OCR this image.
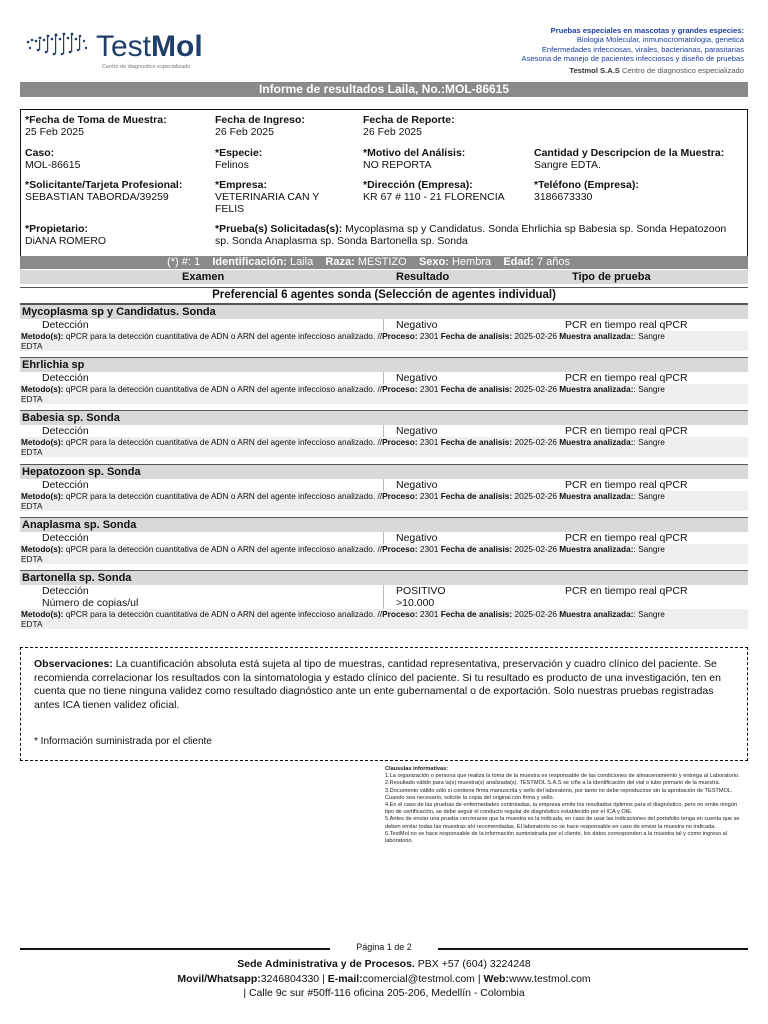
TestMol
Centro de diagnostico especializado
Pruebas especiales en mascotas y grandes especies:
Biologia Molecular, inmunocromatologia, genetica
Enfermedades infecciosas, virales, bacterianas, parasitarias
Asesoria de manejo de pacientes infecciosos y diseño de pruebas
Testmol S.A.S Centro de diagnostico especializado
Informe de resultados Laila, No.:MOL-86615
*Fecha de Toma de Muestra:
25 Feb 2025
Fecha de Ingreso:
26 Feb 2025
Fecha de Reporte:
26 Feb 2025
Caso:
MOL-86615
*Especie:
Felinos
*Motivo del Análisis:
NO REPORTA
Cantidad y Descripcion de la Muestra:
Sangre EDTA.
*Solicitante/Tarjeta Profesional:
SEBASTIAN TABORDA/39259
*Empresa:
VETERINARIA CAN Y
FELIS
*Dirección (Empresa):
KR 67 # 110 - 21 FLORENCIA
*Teléfono (Empresa):
3186673330
*Propietario:
DiANA ROMERO
*Prueba(s) Solicitadas(s): Mycoplasma sp y Candidatus. Sonda Ehrlichia sp Babesia sp. Sonda Hepatozoon
sp. Sonda Anaplasma sp. Sonda Bartonella sp. Sonda
(*) #: 1 Identificación: Laila Raza: MESTIZO Sexo: Hembra Edad: 7 años
Examen	Resultado	Tipo de prueba
Preferencial 6 agentes sonda (Selección de agentes individual)
Mycoplasma sp y Candidatus. Sonda
Detección	Negativo	PCR en tiempo real qPCR
Metodo(s): qPCR para la detección cuantitativa de ADN o ARN del agente infeccioso analizado. //Proceso: 2301 Fecha de analisis: 2025-02-26 Muestra analizada:: Sangre
EDTA
Ehrlichia sp
Detección	Negativo	PCR en tiempo real qPCR
Metodo(s): qPCR para la detección cuantitativa de ADN o ARN del agente infeccioso analizado. //Proceso: 2301 Fecha de analisis: 2025-02-26 Muestra analizada:: Sangre
EDTA
Babesia sp. Sonda
Detección	Negativo	PCR en tiempo real qPCR
Metodo(s): qPCR para la detección cuantitativa de ADN o ARN del agente infeccioso analizado. //Proceso: 2301 Fecha de analisis: 2025-02-26 Muestra analizada:: Sangre
EDTA
Hepatozoon sp. Sonda
Detección	Negativo	PCR en tiempo real qPCR
Metodo(s): qPCR para la detección cuantitativa de ADN o ARN del agente infeccioso analizado. //Proceso: 2301 Fecha de analisis: 2025-02-26 Muestra analizada:: Sangre
EDTA
Anaplasma sp. Sonda
Detección	Negativo	PCR en tiempo real qPCR
Metodo(s): qPCR para la detección cuantitativa de ADN o ARN del agente infeccioso analizado. //Proceso: 2301 Fecha de analisis: 2025-02-26 Muestra analizada:: Sangre
EDTA
Bartonella sp. Sonda
Detección	POSITIVO	PCR en tiempo real qPCR
Número de copias/ul	>10.000
Metodo(s): qPCR para la detección cuantitativa de ADN o ARN del agente infeccioso analizado. //Proceso: 2301 Fecha de analisis: 2025-02-26 Muestra analizada:: Sangre
EDTA
Observaciones: La cuantificación absoluta está sujeta al tipo de muestras, cantidad representativa, preservación y cuadro clínico del paciente. Se recomienda correlacionar los resultados con la sintomatologia y estado clínico del paciente. Si tu resultado es producto de una investigación, ten en cuenta que no tiene ninguna validez como resultado diagnóstico ante un ente gubernamental o de exportación. Solo nuestras pruebas registradas antes ICA tienen validez oficial.
* Información suministrada por el cliente
Clausulas informativas:
1.La organización o persona que realiza la toma de la muestra es responsable de las condiciones de almacenamiento y entrega al Laboratorio.
2.Resultado válido para la(s) muestra(s) analizada(s). TESTMOL S.A.S se ciñe a la identificación del vial o tubo primario de la muestra.
3.Documento válido sólo si contiene firma manuscrita y sello del laboratorio, por tanto no debe reproducirse sin la aprobación de TESTMOL. Cuando sea necesario, solicite la copia del original con firma y sello.
4.En el caso de las pruebas de enfermedades controladas, la empresa emite los resultados óptimos para el diagnóstico, pero no emite ningún tipo de certificación, se debe seguir el conducto regular de diagnóstico establecido por el ICA y OIE.
5.Antes de enviar una prueba cerciorarse que la muestra es la indicada, en caso de usar las indicaciones del portafolio tenga en cuenta que se deben enviar todas las muestras ahí recomendadas. El laboratorio no se hace responsable en caso de enviar la muestra no indicada.
6.TestMol no se hace responsable de la información suministrada por el cliente, los datos corresponden a la muestra tal y como ingreso al laboratorio.
Página 1 de 2
Sede Administrativa y de Procesos. PBX +57 (604) 3224248
Movil/Whatsapp:3246804330 | E-mail:comercial@testmol.com | Web:www.testmol.com
| Calle 9c sur #50ff-116 oficina 205-206, Medellín - Colombia
